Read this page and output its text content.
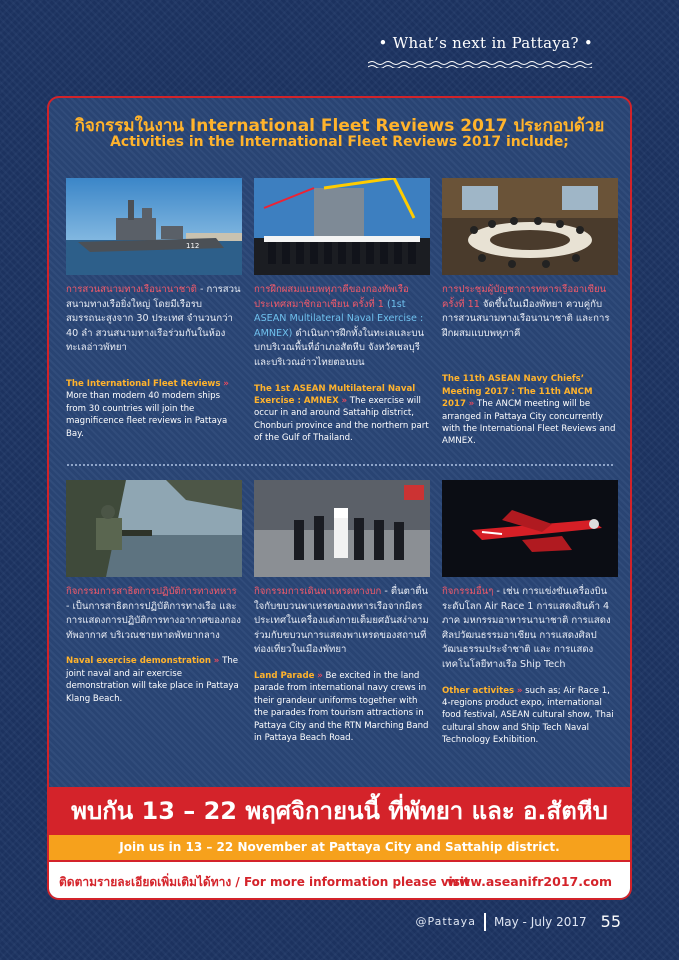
• What’s next in Pattaya? •
กิจกรรมในงาน International Fleet Reviews 2017 ประกอบด้วย
Activities in the International Fleet Reviews 2017 include;
112
การสวนสนามทางเรือนานาชาติ - การสวนสนามทางเรือยิ่งใหญ่ โดยมีเรือรบสมรรถนะสูงจาก 30 ประเทศ จำนวนกว่า 40 ลำ สวนสนามทางเรือร่วมกันในห้องทะเลอ่าวพัทยา
The International Fleet Reviews » More than modern 40 modern ships from 30 countries will join the magnificence fleet reviews in Pattaya Bay.
การฝึกผสมแบบพหุภาคีของกองทัพเรือประเทศสมาชิกอาเซียน ครั้งที่ 1 (1st ASEAN Multilateral Naval Exercise : AMNEX) ดำเนินการฝึกทั้งในทะเลและบนบกบริเวณพื้นที่อำเภอสัตหีบ จังหวัดชลบุรี และบริเวณอ่าวไทยตอนบน
The 1st ASEAN Multilateral Naval Exercise : AMNEX » The exercise will occur in and around Sattahip district, Chonburi province and the northern part of the Gulf of Thailand.
การประชุมผู้บัญชาการทหารเรืออาเซียน ครั้งที่ 11 จัดขึ้นในเมืองพัทยา ควบคู่กับการสวนสนามทางเรือนานาชาติ และการฝึกผสมแบบพหุภาคี
The 11th ASEAN Navy Chiefs’ Meeting 2017 : The 11th ANCM 2017 » The ANCM meeting will be arranged in Pattaya City concurrently with the International Fleet Reviews and AMNEX.
กิจกรรมการสาธิตการปฏิบัติการทางทหาร - เป็นการสาธิตการปฏิบัติการทางเรือ และการแสดงการปฏิบัติการทางอากาศของกองทัพอากาศ บริเวณชายหาดพัทยากลาง
Naval exercise demonstration » The joint naval and air exercise demonstration will take place in Pattaya Klang Beach.
กิจกรรมการเดินพาเหรดทางบก - ตื่นตาตื่นใจกับขบวนพาเหรดของทหารเรือจากมิตรประเทศในเครื่องแต่งกายเต็มยศอันสง่างาม ร่วมกับขบวนการแสดงพาเหรดของสถานที่ท่องเที่ยวในเมืองพัทยา
Land Parade » Be excited in the land parade from international navy crews in their grandeur uniforms together with the parades from tourism attractions in Pattaya City and the RTN Marching Band in Pattaya Beach Road.
กิจกรรมอื่นๆ - เช่น การแข่งขันเครื่องบินระดับโลก Air Race 1 การแสดงสินค้า 4 ภาค มหกรรมอาหารนานาชาติ การแสดงศิลปวัฒนธรรมอาเซียน การแสดงศิลปวัฒนธรรมประจำชาติ และ การแสดงเทคโนโลยีทางเรือ Ship Tech
Other activites » such as; Air Race 1, 4-regions product expo, international food festival, ASEAN cultural show, Thai cultural show and Ship Tech Naval Technology Exhibition.
พบกัน 13 – 22 พฤศจิกายนนี้ ที่พัทยา และ อ.สัตหีบ
Join us in 13 – 22 November at Pattaya City and Sattahip district.
ติดตามรายละเอียดเพิ่มเติมได้ทาง / For more information please visit
www.aseanifr2017.com
@Pattaya May - July 2017 55
